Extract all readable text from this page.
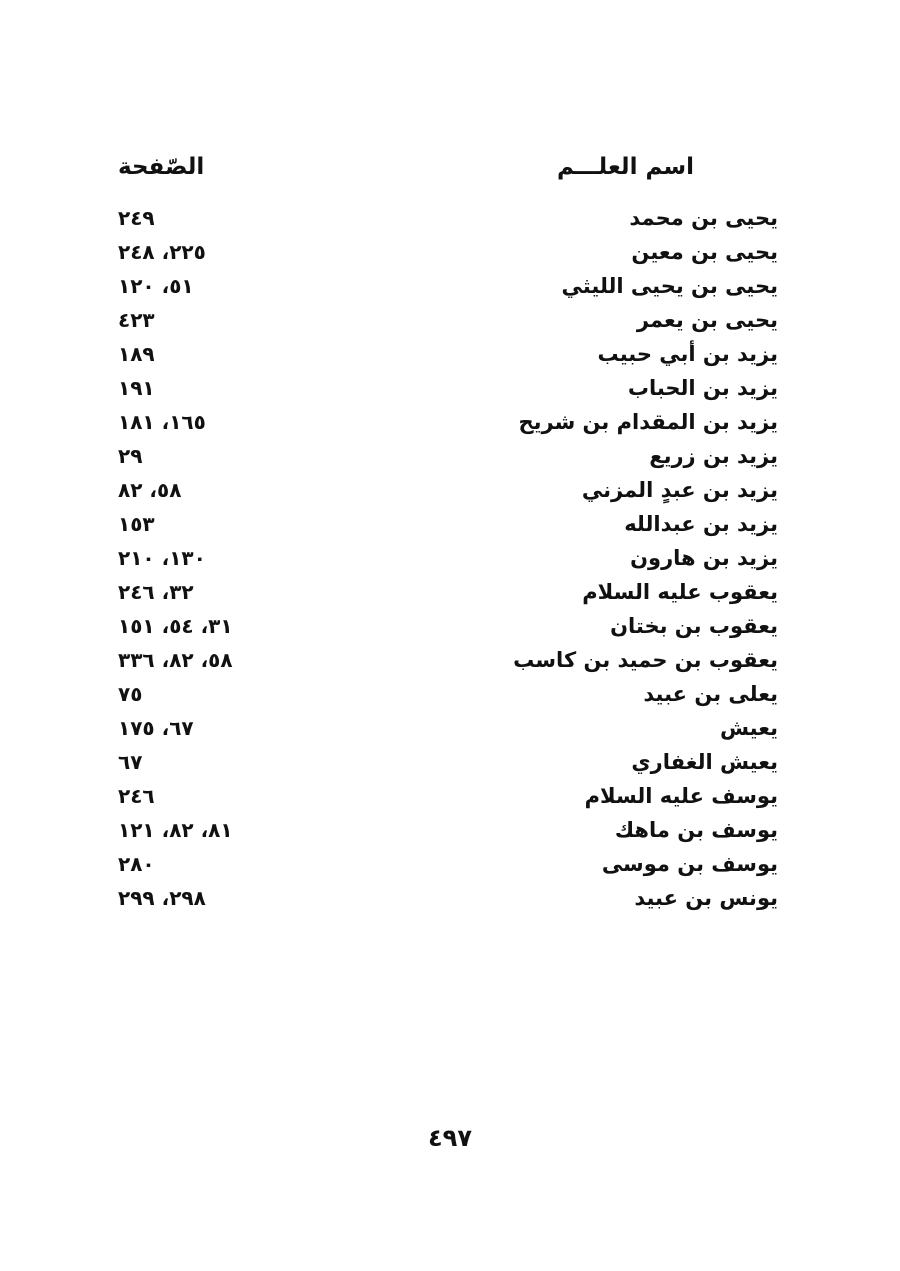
اسم العلـــم
الصّفحة
يحيى بن محمد
٢٤٩
يحيى بن معين
٢٢٥، ٢٤٨
يحيى بن يحيى الليثي
٥١، ١٢٠
يحيى بن يعمر
٤٢٣
يزيد بن أبي حبيب
١٨٩
يزيد بن الحباب
١٩١
يزيد بن المقدام بن شريح
١٦٥، ١٨١
يزيد بن زريع
٢٩
يزيد بن عبدٍ المزني
٥٨، ٨٢
يزيد بن عبدالله
١٥٣
يزيد بن هارون
١٣٠، ٢١٠
يعقوب عليه السلام
٣٢، ٢٤٦
يعقوب بن بختان
٣١، ٥٤، ١٥١
يعقوب بن حميد بن كاسب
٥٨، ٨٢، ٣٣٦
يعلى بن عبيد
٧٥
يعيش
٦٧، ١٧٥
يعيش الغفاري
٦٧
يوسف عليه السلام
٢٤٦
يوسف بن ماهك
٨١، ٨٢، ١٢١
يوسف بن موسى
٢٨٠
يونس بن عبيد
٢٩٨، ٢٩٩
٤٩٧
